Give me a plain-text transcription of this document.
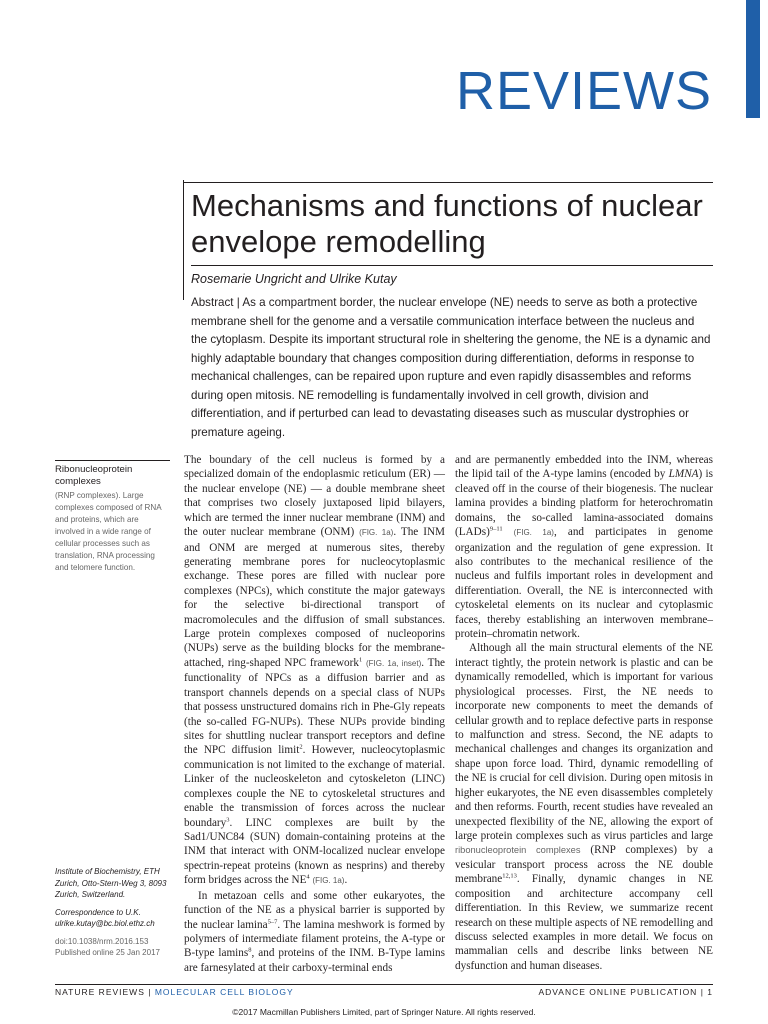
REVIEWS
Mechanisms and functions of nuclear envelope remodelling
Rosemarie Ungricht and Ulrike Kutay
Abstract | As a compartment border, the nuclear envelope (NE) needs to serve as both a protective membrane shell for the genome and a versatile communication interface between the nucleus and the cytoplasm. Despite its important structural role in sheltering the genome, the NE is a dynamic and highly adaptable boundary that changes composition during differentiation, deforms in response to mechanical challenges, can be repaired upon rupture and even rapidly disassembles and reforms during open mitosis. NE remodelling is fundamentally involved in cell growth, division and differentiation, and if perturbed can lead to devastating diseases such as muscular dystrophies or premature ageing.
Ribonucleoprotein complexes
(RNP complexes). Large complexes composed of RNA and proteins, which are involved in a wide range of cellular processes such as translation, RNA processing and telomere function.
Institute of Biochemistry, ETH Zurich, Otto-Stern-Weg 3, 8093 Zurich, Switzerland.
Correspondence to U.K. ulrike.kutay@bc.biol.ethz.ch
doi:10.1038/nrm.2016.153
Published online 25 Jan 2017

The boundary of the cell nucleus is formed by a specialized domain of the endoplasmic reticulum (ER) — the nuclear envelope (NE) — a double membrane sheet that comprises two closely juxtaposed lipid bilayers, which are termed the inner nuclear membrane (INM) and the outer nuclear membrane (ONM) (FIG. 1a). The INM and ONM are merged at numerous sites, thereby generating membrane pores for nucleocytoplasmic exchange. These pores are filled with nuclear pore complexes (NPCs), which constitute the major gateways for the selective bi-directional transport of macromolecules and the diffusion of small substances. Large protein complexes composed of nucleoporins (NUPs) serve as the building blocks for the membrane-attached, ring-shaped NPC framework$^1$ (FIG. 1a, inset). The functionality of NPCs as a diffusion barrier and as transport channels depends on a special class of NUPs that possess unstructured domains rich in Phe-Gly repeats (the so-called FG-NUPs). These NUPs provide binding sites for shuttling nuclear transport receptors and define the NPC diffusion limit$^2$. However, nucleocytoplasmic communication is not limited to the exchange of material. Linker of the nucleoskeleton and cytoskeleton (LINC) complexes couple the NE to cytoskeletal structures and enable the transmission of forces across the nuclear boundary$^3$. LINC complexes are built by the Sad1/UNC84 (SUN) domain-containing proteins at the INM that interact with ONM-localized nuclear envelope spectrin-repeat proteins (known as nesprins) and thereby form bridges across the $NE^4$ (FIG. 1a).

In metazoan cells and some other eukaryotes, the function of the NE as a physical barrier is supported by the nuclear lamina$^{5-7}$. The lamina meshwork is formed by polymers of intermediate filament proteins, the A-type or B-type lamins$^8$, and proteins of the INM. B-Type lamins are farnesylated at their carboxy-terminal ends

and are permanently embedded into the INM, whereas the lipid tail of the A-type lamins (encoded by LMNA) is cleaved off in the course of their biogenesis. The nuclear lamina provides a binding platform for heterochromatin domains, the so-called lamina-associated domains (LADs)$^{9-11}$ (FIG. 1a), and participates in genome organization and the regulation of gene expression. It also contributes to the mechanical resilience of the nucleus and fulfils important roles in development and differentiation. Overall, the NE is interconnected with cytoskeletal elements on its nuclear and cytoplasmic faces, thereby establishing an interwoven membrane–protein–chromatin network.

Although all the main structural elements of the NE interact tightly, the protein network is plastic and can be dynamically remodelled, which is important for various physiological processes. First, the NE needs to incorporate new components to meet the demands of cellular growth and to replace defective parts in response to malfunction and stress. Second, the NE adapts to mechanical challenges and changes its organization and shape upon force load. Third, dynamic remodelling of the NE is crucial for cell division. During open mitosis in higher eukaryotes, the NE even disassembles completely and then reforms. Fourth, recent studies have revealed an unexpected flexibility of the NE, allowing the export of large protein complexes such as virus particles and large ribonucleoprotein complexes (RNP complexes) by a vesicular transport process across the NE double membrane$^{12,13}$. Finally, dynamic changes in NE composition and architecture accompany cell differentiation. In this Review, we summarize recent research on these multiple aspects of NE remodelling and discuss selected examples in more detail. We focus on mammalian cells and describe links between NE dysfunction and human diseases.

NATURE REVIEWS | MOLECULAR CELL BIOLOGY	ADVANCE ONLINE PUBLICATION | 1
©2017 Macmillan Publishers Limited, part of Springer Nature. All rights reserved.
